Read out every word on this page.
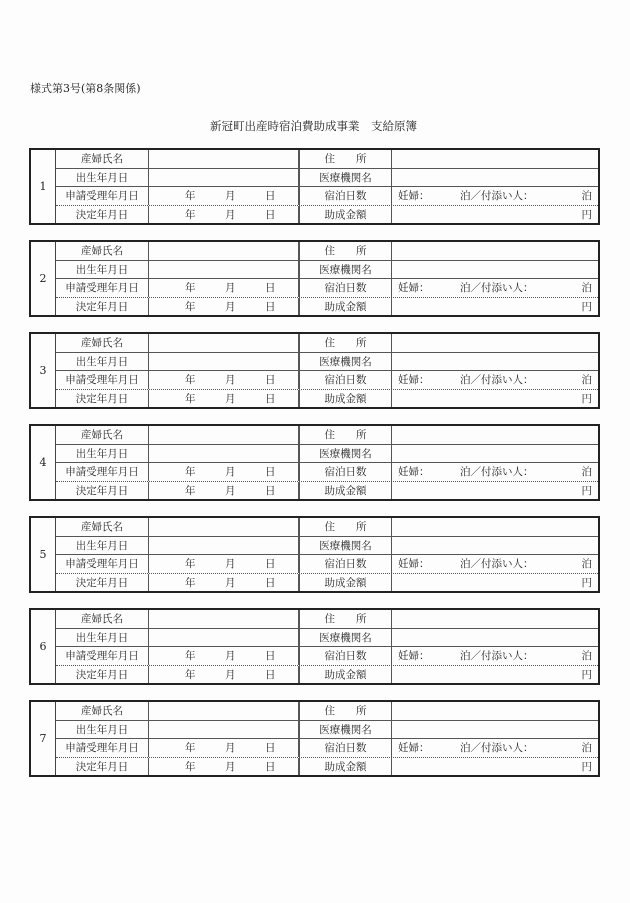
様式第3号(第8条関係)
新冠町出産時宿泊費助成事業　支給原簿
1
産婦氏名	住　　所
出生年月日	医療機関名
申請受理年月日	年	月	日	宿泊日数	妊婦：	泊 ／ 付添い人：	泊
決定年月日	年	月	日	助成金額	円
2
産婦氏名	住　　所
出生年月日	医療機関名
申請受理年月日	年	月	日	宿泊日数	妊婦：	泊 ／ 付添い人：	泊
決定年月日	年	月	日	助成金額	円
3
産婦氏名	住　　所
出生年月日	医療機関名
申請受理年月日	年	月	日	宿泊日数	妊婦：	泊 ／ 付添い人：	泊
決定年月日	年	月	日	助成金額	円
4
産婦氏名	住　　所
出生年月日	医療機関名
申請受理年月日	年	月	日	宿泊日数	妊婦：	泊 ／ 付添い人：	泊
決定年月日	年	月	日	助成金額	円
5
産婦氏名	住　　所
出生年月日	医療機関名
申請受理年月日	年	月	日	宿泊日数	妊婦：	泊 ／ 付添い人：	泊
決定年月日	年	月	日	助成金額	円
6
産婦氏名	住　　所
出生年月日	医療機関名
申請受理年月日	年	月	日	宿泊日数	妊婦：	泊 ／ 付添い人：	泊
決定年月日	年	月	日	助成金額	円
7
産婦氏名	住　　所
出生年月日	医療機関名
申請受理年月日	年	月	日	宿泊日数	妊婦：	泊 ／ 付添い人：	泊
決定年月日	年	月	日	助成金額	円
